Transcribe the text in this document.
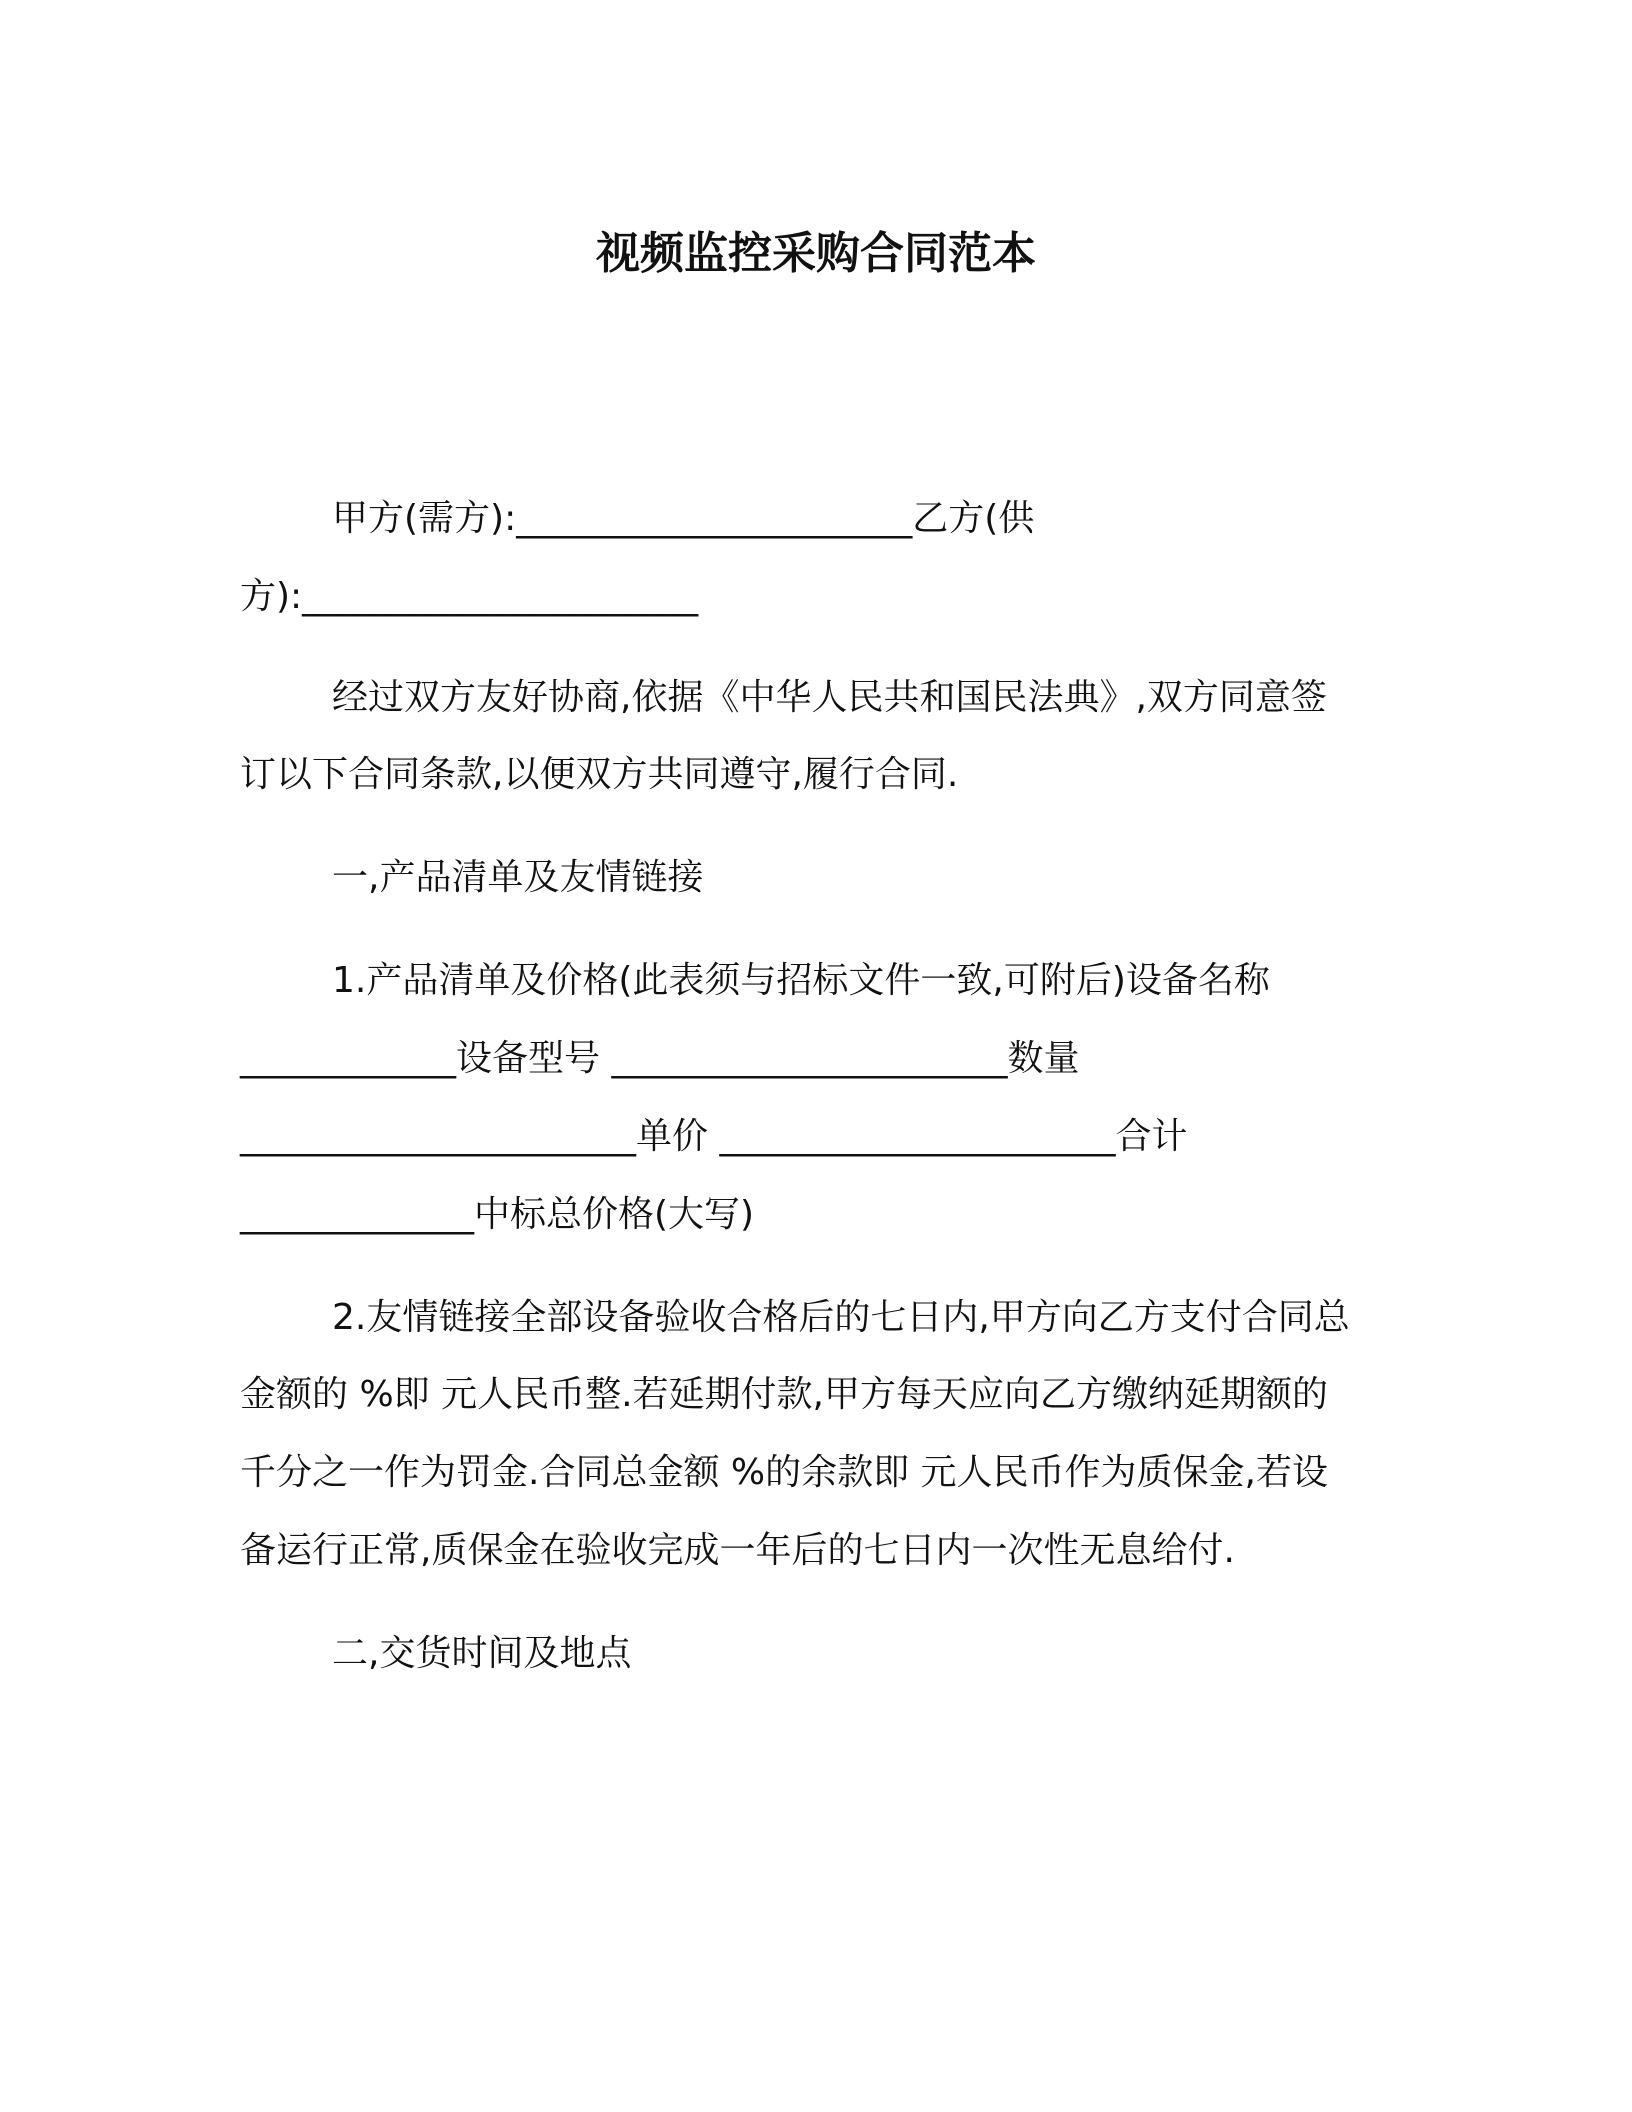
视频监控采购合同范本
甲方(需方):______________________乙方(供
方):______________________
经过双方友好协商,依据《中华人民共和国民法典》,双方同意签
订以下合同条款,以便双方共同遵守,履行合同.
一,产品清单及友情链接
1.产品清单及价格(此表须与招标文件一致,可附后)设备名称
____________设备型号 ______________________数量
______________________单价 ______________________合计
_____________中标总价格(大写)
2.友情链接全部设备验收合格后的七日内,甲方向乙方支付合同总
金额的 %即 元人民币整.若延期付款,甲方每天应向乙方缴纳延期额的
千分之一作为罚金.合同总金额 %的余款即 元人民币作为质保金,若设
备运行正常,质保金在验收完成一年后的七日内一次性无息给付.
二,交货时间及地点
